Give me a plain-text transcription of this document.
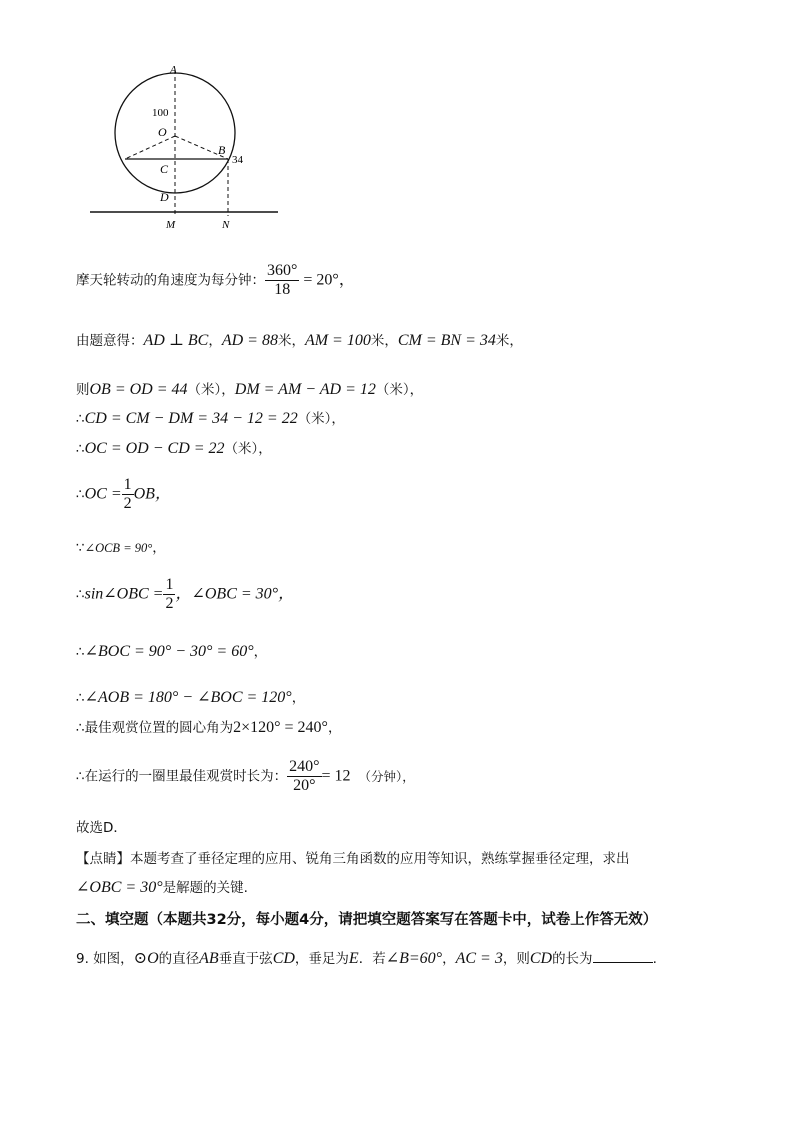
A
100
O
B
34
C
D
M	N
摩天轮转动的角速度为每分钟： $\frac{360^\circ}{18} = 20^\circ$，
由题意得：AD ⊥ BC，AD = 88米，AM = 100米，CM = BN = 34米，
则OB = OD = 44（米），DM = AM − AD = 12（米），
∴CD = CM − DM = 34 − 12 = 22（米），
∴OC = OD − CD = 22（米），
∴OC = $\frac{1}{2}$ OB，
∵∠OCB = 90°，
∴sin∠OBC = $\frac{1}{2}$ ，∠OBC = 30°，
∴∠BOC = 90° − 30° = 60°，
∴∠AOB = 180° − ∠BOC = 120°，
∴最佳观赏位置的圆心角为2×120° = 240°，
∴在运行的一圈里最佳观赏时长为： $\frac{240^\circ}{20^\circ} = 12$ （分钟），
故选D．
【点睛】本题考查了垂径定理的应用、锐角三角函数的应用等知识，熟练掌握垂径定理，求出
∠OBC = 30°是解题的关键.
二、填空题（本题共32分，每小题4分，请把填空题答案写在答题卡中，试卷上作答无效）
9. 如图，⊙O的直径AB垂直于弦CD，垂足为E．若∠B=60°，AC = 3，则CD的长为	.
